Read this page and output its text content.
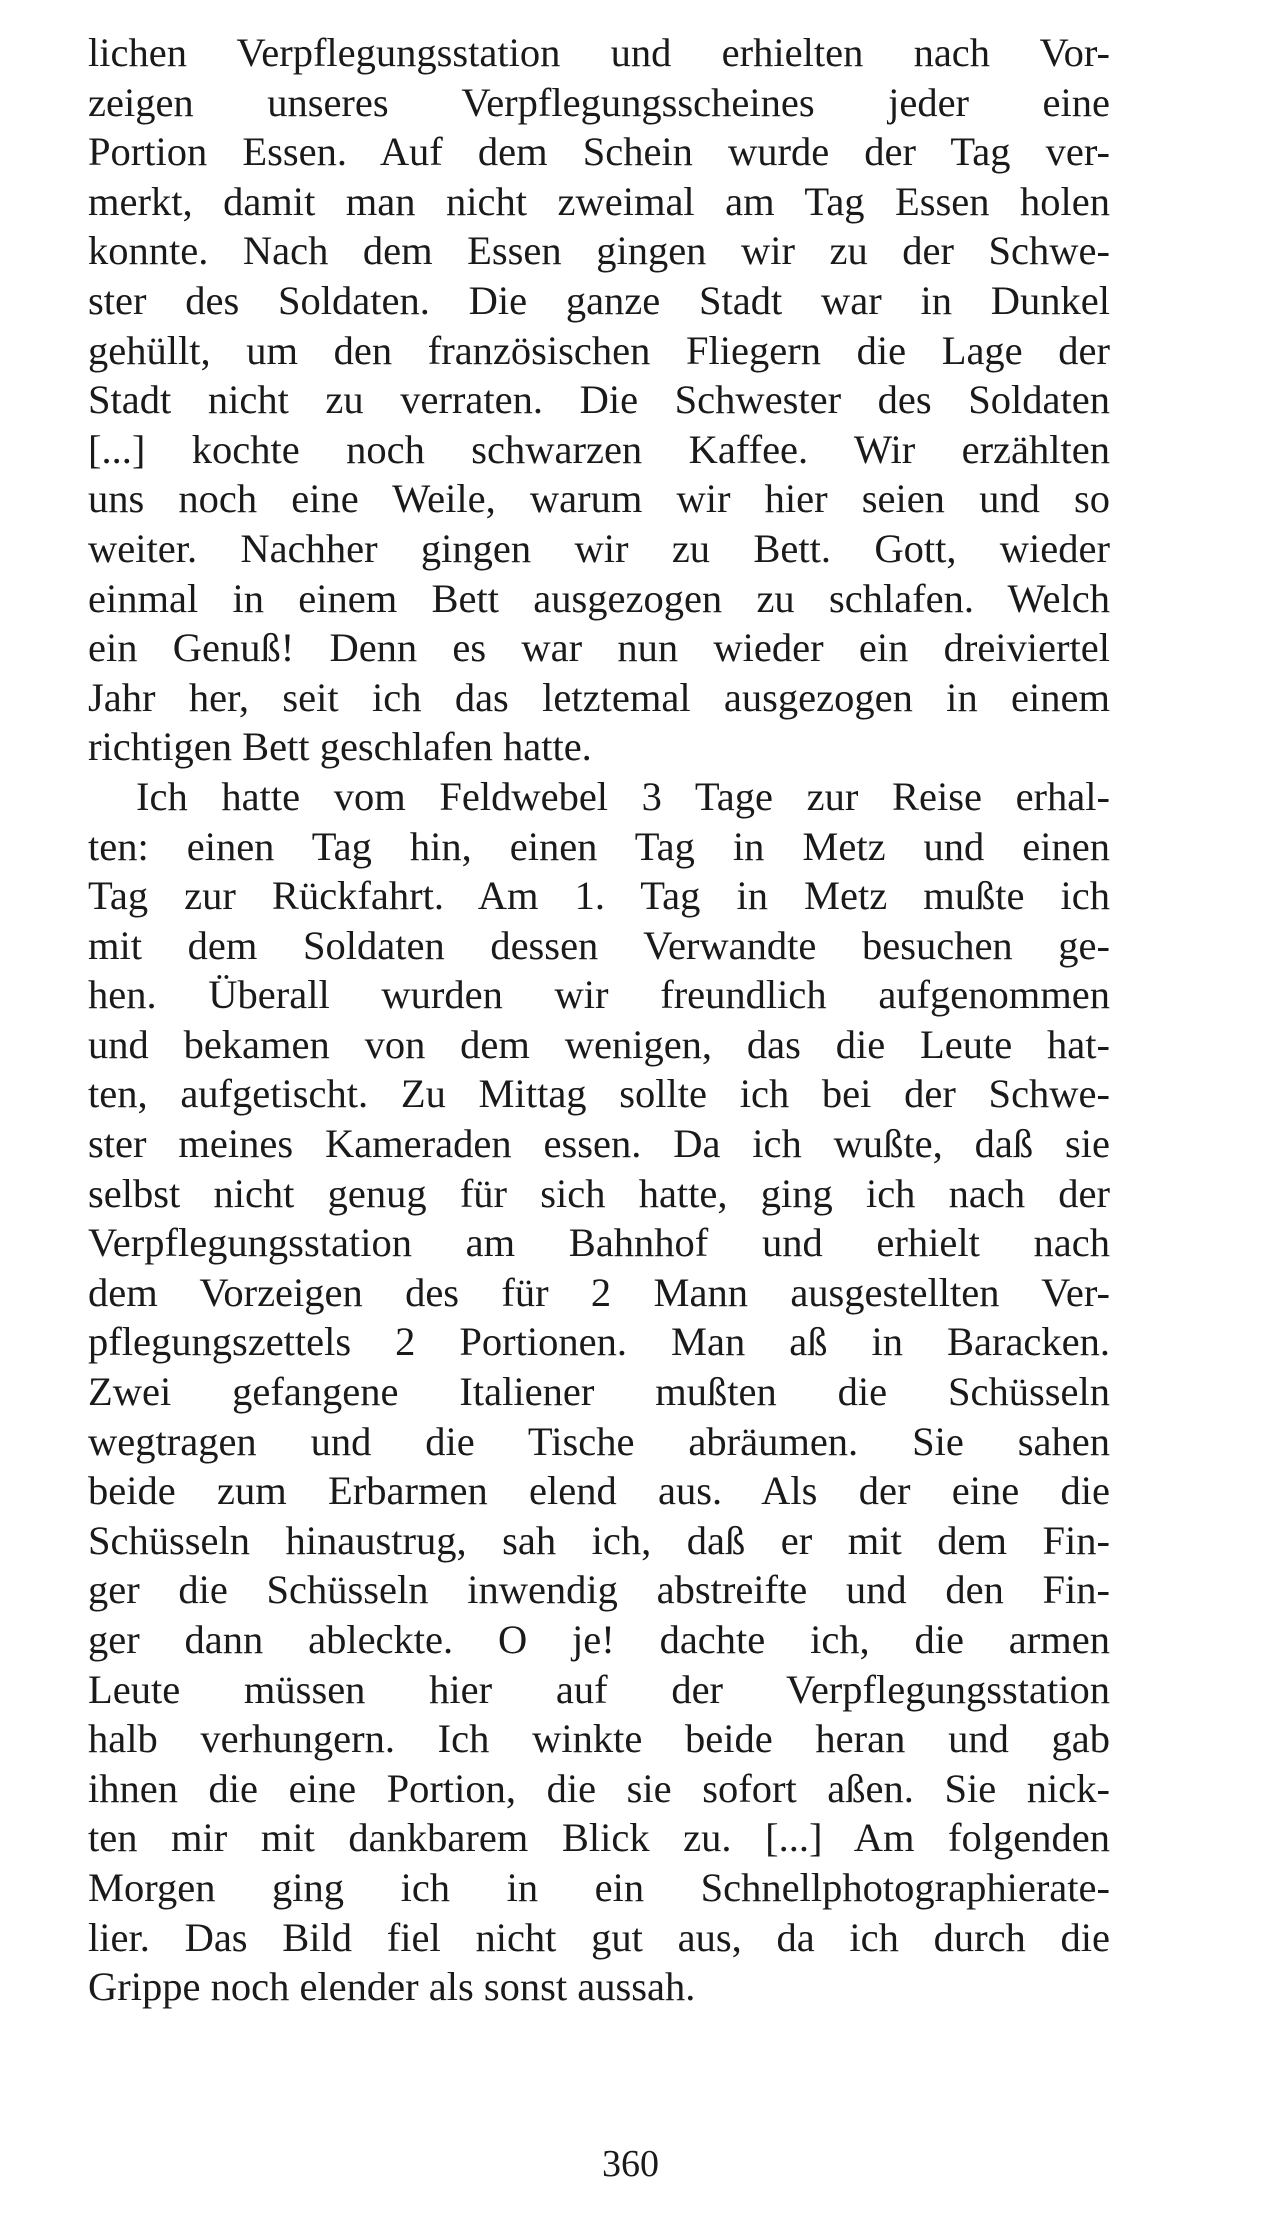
lichen Verpflegungsstation und erhielten nach Vor-
zeigen unseres Verpflegungsscheines jeder eine
Portion Essen. Auf dem Schein wurde der Tag ver-
merkt, damit man nicht zweimal am Tag Essen holen
konnte. Nach dem Essen gingen wir zu der Schwe-
ster des Soldaten. Die ganze Stadt war in Dunkel
gehüllt, um den französischen Fliegern die Lage der
Stadt nicht zu verraten. Die Schwester des Soldaten
[...] kochte noch schwarzen Kaffee. Wir erzählten
uns noch eine Weile, warum wir hier seien und so
weiter. Nachher gingen wir zu Bett. Gott, wieder
einmal in einem Bett ausgezogen zu schlafen. Welch
ein Genuß! Denn es war nun wieder ein dreiviertel
Jahr her, seit ich das letztemal ausgezogen in einem
richtigen Bett geschlafen hatte.
Ich hatte vom Feldwebel 3 Tage zur Reise erhal-
ten: einen Tag hin, einen Tag in Metz und einen
Tag zur Rückfahrt. Am 1. Tag in Metz mußte ich
mit dem Soldaten dessen Verwandte besuchen ge-
hen. Überall wurden wir freundlich aufgenommen
und bekamen von dem wenigen, das die Leute hat-
ten, aufgetischt. Zu Mittag sollte ich bei der Schwe-
ster meines Kameraden essen. Da ich wußte, daß sie
selbst nicht genug für sich hatte, ging ich nach der
Verpflegungsstation am Bahnhof und erhielt nach
dem Vorzeigen des für 2 Mann ausgestellten Ver-
pflegungszettels 2 Portionen. Man aß in Baracken.
Zwei gefangene Italiener mußten die Schüsseln
wegtragen und die Tische abräumen. Sie sahen
beide zum Erbarmen elend aus. Als der eine die
Schüsseln hinaustrug, sah ich, daß er mit dem Fin-
ger die Schüsseln inwendig abstreifte und den Fin-
ger dann ableckte. O je! dachte ich, die armen
Leute müssen hier auf der Verpflegungsstation
halb verhungern. Ich winkte beide heran und gab
ihnen die eine Portion, die sie sofort aßen. Sie nick-
ten mir mit dankbarem Blick zu. [...] Am folgenden
Morgen ging ich in ein Schnellphotographierate-
lier. Das Bild fiel nicht gut aus, da ich durch die
Grippe noch elender als sonst aussah.
360
